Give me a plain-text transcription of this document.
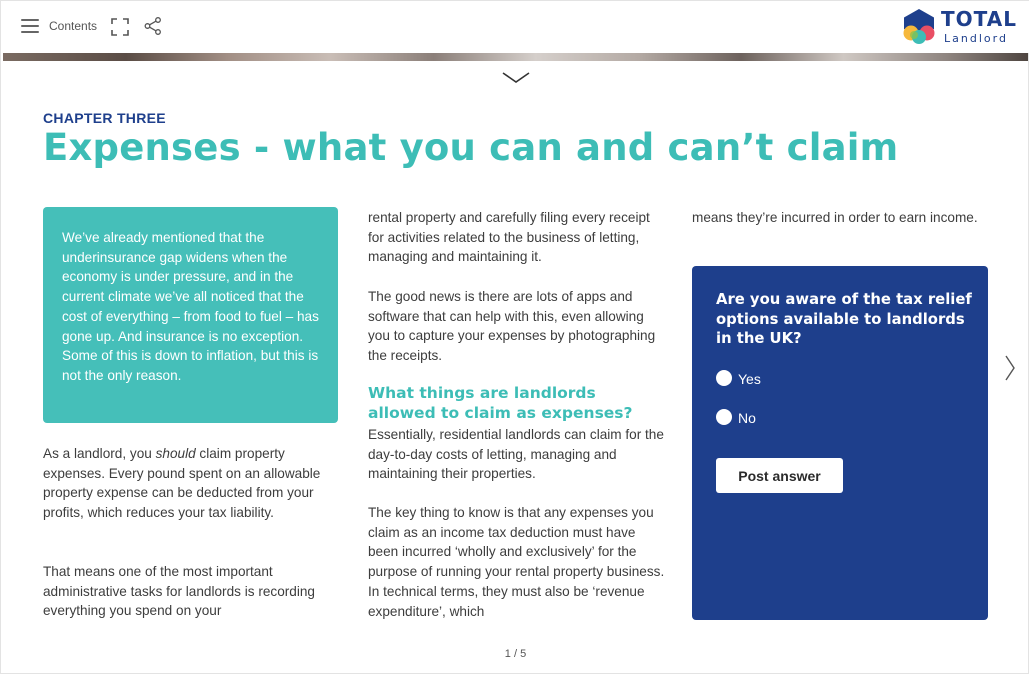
Contents	TOTAL
Landlord
CHAPTER THREE
Expenses - what you can and can’t claim

We’ve already mentioned that the underinsurance gap widens when the economy is under pressure, and in the current climate we’ve all noticed that the cost of everything – from food to fuel – has gone up. And insurance is no exception. Some of this is down to inflation, but this is not the only reason.

As a landlord, you should claim property expenses. Every pound spent on an allowable property expense can be deducted from your profits, which reduces your tax liability.

That means one of the most important administrative tasks for landlords is recording everything you spend on your

rental property and carefully filing every receipt for activities related to the business of letting, managing and maintaining it.

The good news is there are lots of apps and software that can help with this, even allowing you to capture your expenses by photographing the receipts.

What things are landlords allowed to claim as expenses?

Essentially, residential landlords can claim for the day-to-day costs of letting, managing and maintaining their properties.

The key thing to know is that any expenses you claim as an income tax deduction must have been incurred ‘wholly and exclusively’ for the purpose of running your rental property business. In technical terms, they must also be ‘revenue expenditure’, which

means they’re incurred in order to earn income.

Are you aware of the tax relief options available to landlords in the UK?
Yes
No
Post answer
1 / 5
